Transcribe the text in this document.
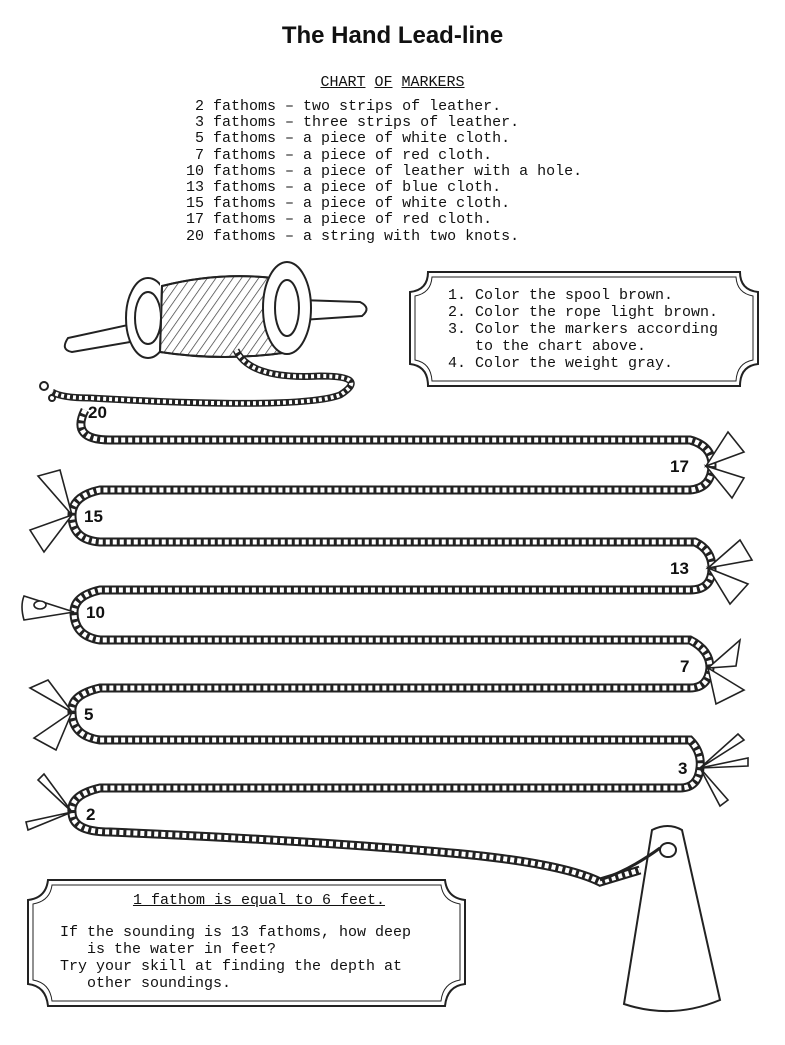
The Hand Lead-line
CHART OF MARKERS
2 fathoms – two strips of leather.
3 fathoms – three strips of leather.
5 fathoms – a piece of white cloth.
7 fathoms – a piece of red cloth.
10 fathoms – a piece of leather with a hole.
13 fathoms – a piece of blue cloth.
15 fathoms – a piece of white cloth.
17 fathoms – a piece of red cloth.
20 fathoms – a string with two knots.
20
17
15
13
10
7
5
3
2
1. Color the spool brown.
2. Color the rope light brown.
3. Color the markers according
to the chart above.
4. Color the weight gray.
1 fathom is equal to 6 feet.
If the sounding is 13 fathoms, how deep
is the water in feet?
Try your skill at finding the depth at
other soundings.
